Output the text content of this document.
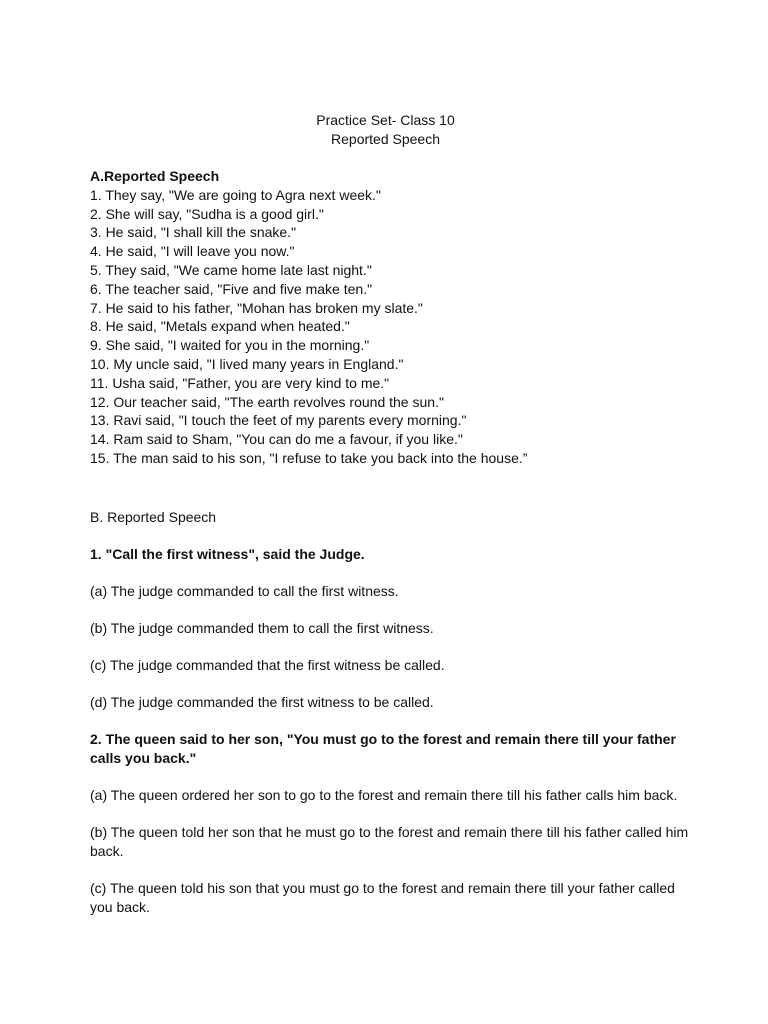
Practice Set- Class 10
Reported Speech
A.Reported Speech
1. They say, "We are going to Agra next week."
2. She will say, "Sudha is a good girl."
3. He said, "I shall kill the snake."
4. He said, "I will leave you now."
5. They said, "We came home late last night."
6. The teacher said, "Five and five make ten."
7. He said to his father, "Mohan has broken my slate."
8. He said, "Metals expand when heated."
9. She said, "I waited for you in the morning."
10. My uncle said, "I lived many years in England."
11. Usha said, "Father, you are very kind to me."
12. Our teacher said, "The earth revolves round the sun."
13. Ravi said, "I touch the feet of my parents every morning."
14. Ram said to Sham, "You can do me a favour, if you like."
15. The man said to his son, "I refuse to take you back into the house.”
B. Reported Speech
1. "Call the first witness", said the Judge.
(a) The judge commanded to call the first witness.
(b) The judge commanded them to call the first witness.
(c) The judge commanded that the first witness be called.
(d) The judge commanded the first witness to be called.
2. The queen said to her son, "You must go to the forest and remain there till your father calls you back."
(a) The queen ordered her son to go to the forest and remain there till his father calls him back.
(b) The queen told her son that he must go to the forest and remain there till his father called him back.
(c) The queen told his son that you must go to the forest and remain there till your father called you back.
